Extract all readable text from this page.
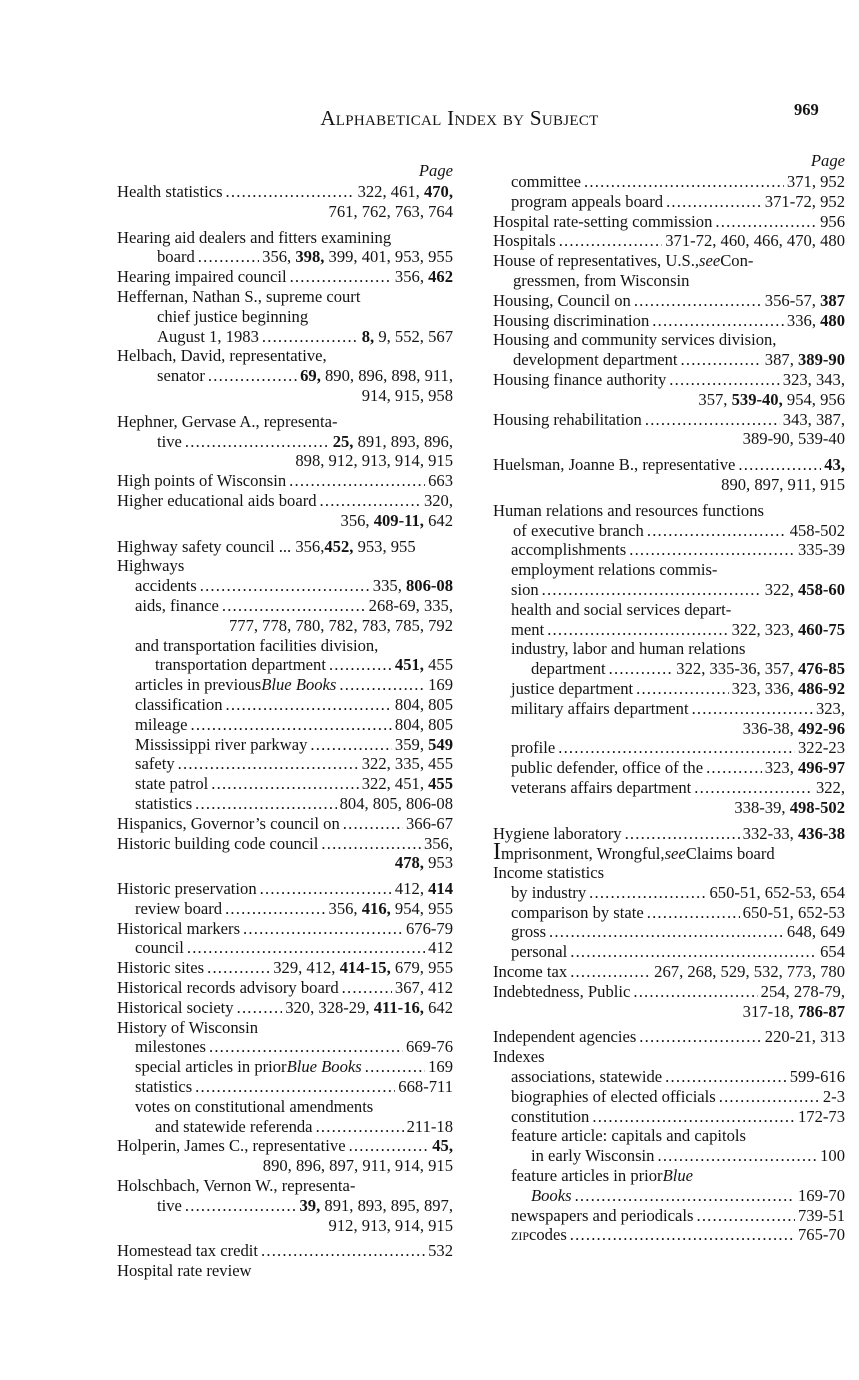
Alphabetical Index by Subject	969
Page
Health statistics .....	322, 461, 470,
761, 762, 763, 764
Hearing aid dealers and fitters examining
board .....	356, 398, 399, 401, 953, 955
Hearing impaired council .....	356, 462
Heffernan, Nathan S., supreme court
chief justice beginning
August 1, 1983 .....	8, 9, 552, 567
Helbach, David, representative,
senator .....	69, 890, 896, 898, 911,
914, 915, 958
Hephner, Gervase A., representa-
tive .....	25, 891, 893, 896,
898, 912, 913, 914, 915
High points of Wisconsin .....	663
Higher educational aids board .....	320,
356, 409-11, 642
Highway safety council ... 356, 452, 953, 955
Highways
accidents .....	335, 806-08
aids, finance .....	268-69, 335,
777, 778, 780, 782, 783, 785, 792
and transportation facilities division,
transportation department .....	451, 455
articles in previous Blue Books .....	169
classification .....	804, 805
mileage .....	804, 805
Mississippi river parkway .....	359, 549
safety .....	322, 335, 455
state patrol .....	322, 451, 455
statistics .....	804, 805, 806-08
Hispanics, Governor’s council on .....	366-67
Historic building code council .....	356,
478, 953
Historic preservation .....	412, 414
review board .....	356, 416, 954, 955
Historical markers .....	676-79
council .....	412
Historic sites .....	329, 412, 414-15, 679, 955
Historical records advisory board .....	367, 412
Historical society .....	320, 328-29, 411-16, 642
History of Wisconsin
milestones .....	669-76
special articles in prior Blue Books .....	169
statistics .....	668-711
votes on constitutional amendments
and statewide referenda .....	211-18
Holperin, James C., representative .....	45,
890, 896, 897, 911, 914, 915
Holschbach, Vernon W., representa-
tive .....	39, 891, 893, 895, 897,
912, 913, 914, 915
Homestead tax credit .....	532
Hospital rate review
Page
committee .....	371, 952
program appeals board .....	371-72, 952
Hospital rate-setting commission .....	956
Hospitals .....	371-72, 460, 466, 470, 480
House of representatives, U.S., see Con-
gressmen, from Wisconsin
Housing, Council on .....	356-57, 387
Housing discrimination .....	336, 480
Housing and community services division,
development department .....	387, 389-90
Housing finance authority .....	323, 343,
357, 539-40, 954, 956
Housing rehabilitation .....	343, 387,
389-90, 539-40
Huelsman, Joanne B., representative .....	43,
890, 897, 911, 915
Human relations and resources functions
of executive branch .....	458-502
accomplishments .....	335-39
employment relations commis-
sion .....	322, 458-60
health and social services depart-
ment .....	322, 323, 460-75
industry, labor and human relations
department .....	322, 335-36, 357, 476-85
justice department .....	323, 336, 486-92
military affairs department .....	323,
336-38, 492-96
profile .....	322-23
public defender, office of the .....	323, 496-97
veterans affairs department .....	322,
338-39, 498-502
Hygiene laboratory .....	332-33, 436-38
I mprisonment, Wrongful, see Claims board
Income statistics
by industry .....	650-51, 652-53, 654
comparison by state .....	650-51, 652-53
gross .....	648, 649
personal .....	654
Income tax .....	267, 268, 529, 532, 773, 780
Indebtedness, Public .....	254, 278-79,
317-18, 786-87
Independent agencies .....	220-21, 313
Indexes
associations, statewide .....	599-616
biographies of elected officials .....	2-3
constitution .....	172-73
feature article: capitals and capitols
in early Wisconsin .....	100
feature articles in prior Blue
Books .....	169-70
newspapers and periodicals .....	739-51
zip codes .....	765-70
